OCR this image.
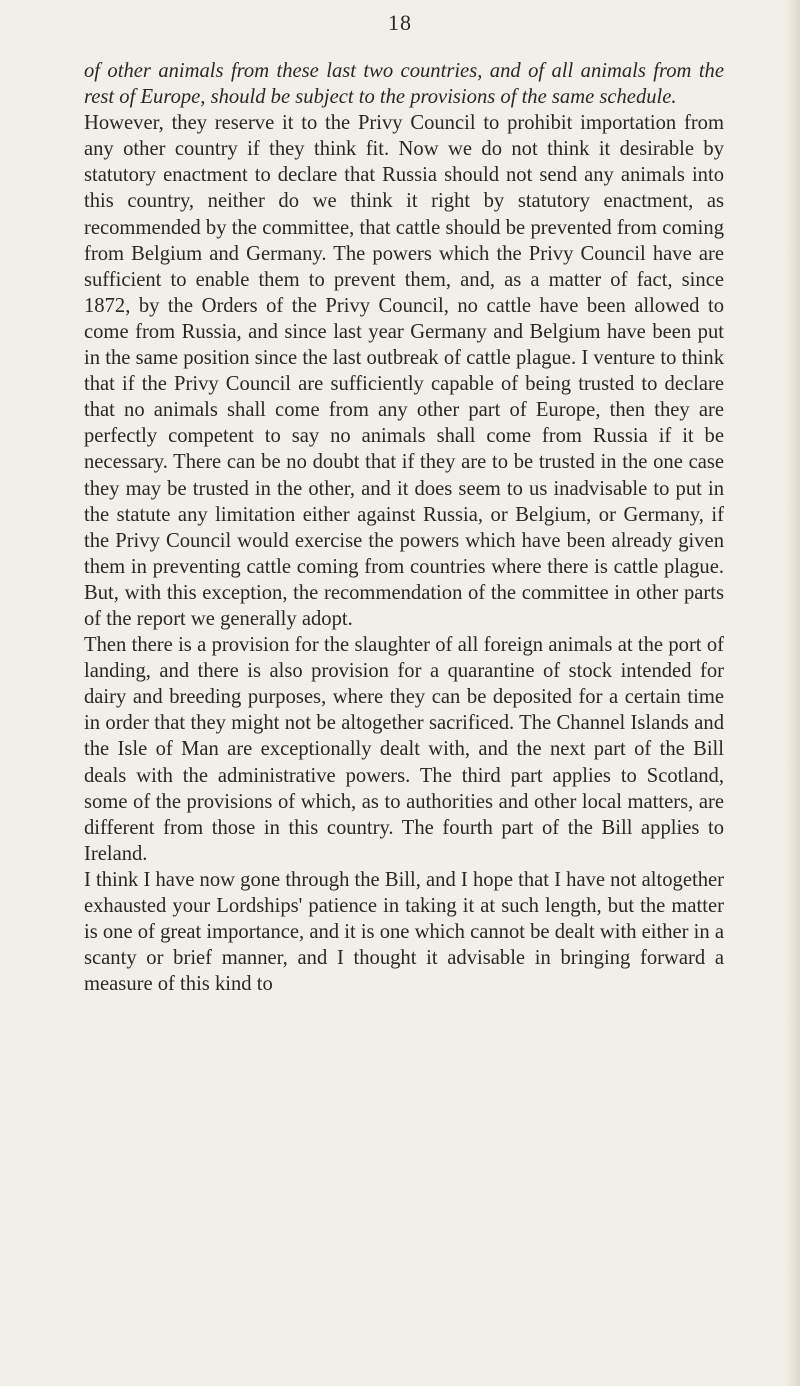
18

of other animals from these last two countries, and of all animals from the rest of Europe, should be subject to the provisions of the same schedule.

However, they reserve it to the Privy Council to prohibit importation from any other country if they think fit. Now we do not think it desirable by statutory enactment to declare that Russia should not send any animals into this country, neither do we think it right by statutory enactment, as recommended by the committee, that cattle should be prevented from coming from Belgium and Germany. The powers which the Privy Council have are sufficient to enable them to prevent them, and, as a matter of fact, since 1872, by the Orders of the Privy Council, no cattle have been allowed to come from Russia, and since last year Germany and Belgium have been put in the same position since the last outbreak of cattle plague. I venture to think that if the Privy Council are sufficiently capable of being trusted to declare that no animals shall come from any other part of Europe, then they are perfectly competent to say no animals shall come from Russia if it be necessary. There can be no doubt that if they are to be trusted in the one case they may be trusted in the other, and it does seem to us inadvisable to put in the statute any limitation either against Russia, or Belgium, or Germany, if the Privy Council would exercise the powers which have been already given them in preventing cattle coming from countries where there is cattle plague. But, with this exception, the recommendation of the committee in other parts of the report we generally adopt.

Then there is a provision for the slaughter of all foreign animals at the port of landing, and there is also provision for a quarantine of stock intended for dairy and breeding purposes, where they can be deposited for a certain time in order that they might not be altogether sacrificed. The Channel Islands and the Isle of Man are exceptionally dealt with, and the next part of the Bill deals with the administrative powers. The third part applies to Scotland, some of the provisions of which, as to authorities and other local matters, are different from those in this country. The fourth part of the Bill applies to Ireland.

I think I have now gone through the Bill, and I hope that I have not altogether exhausted your Lordships' patience in taking it at such length, but the matter is one of great importance, and it is one which cannot be dealt with either in a scanty or brief manner, and I thought it advisable in bringing forward a measure of this kind to
